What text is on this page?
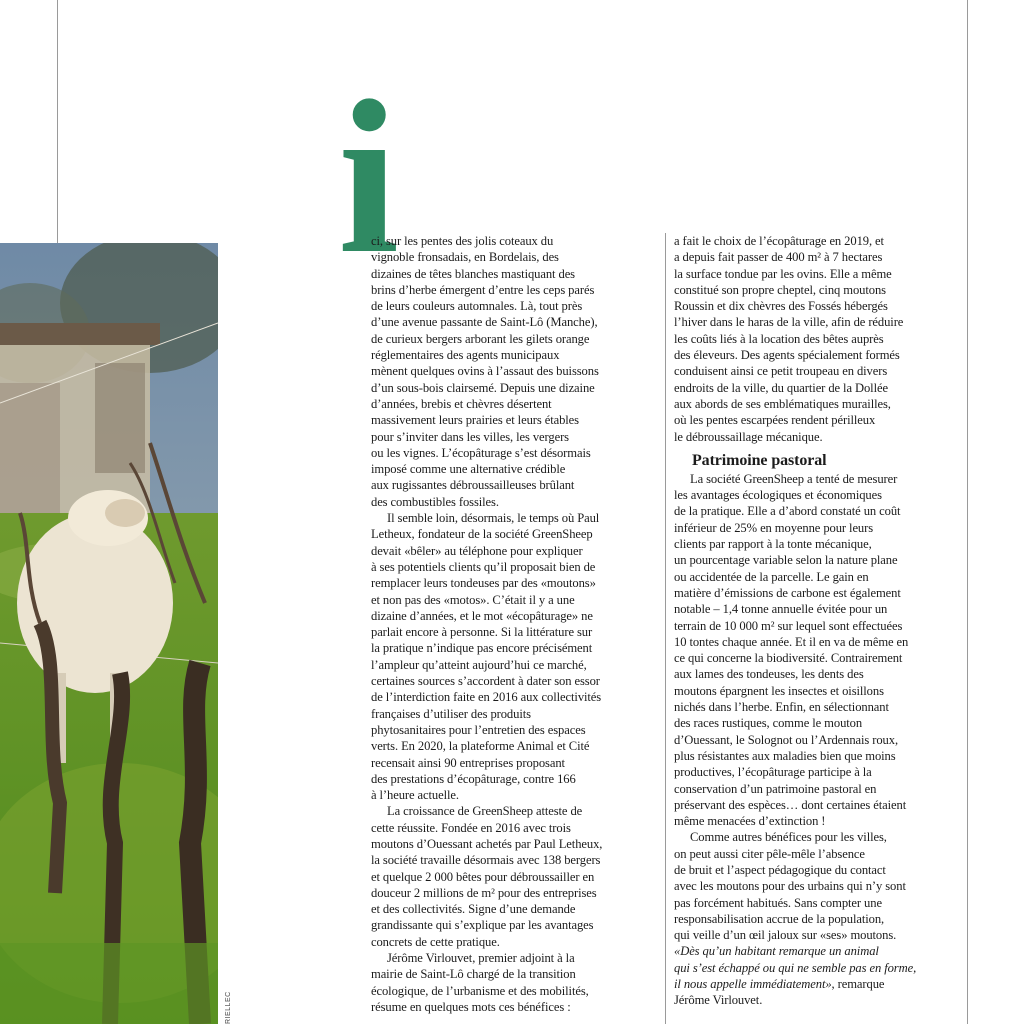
RIELLEC
i

ci, sur les pentes des jolis coteaux du
vignoble fronsadais, en Bordelais, des
dizaines de têtes blanches mastiquant des
brins d’herbe émergent d’entre les ceps parés
de leurs couleurs automnales. Là, tout près
d’une avenue passante de Saint-Lô (Manche),
de curieux bergers arborant les gilets orange
réglementaires des agents municipaux
mènent quelques ovins à l’assaut des buissons
d’un sous-bois clairsemé. Depuis une dizaine
d’années, brebis et chèvres désertent
massivement leurs prairies et leurs étables
pour s’inviter dans les villes, les vergers
ou les vignes. L’écopâturage s’est désormais
imposé comme une alternative crédible
aux rugissantes débroussailleuses brûlant
des combustibles fossiles.

Il semble loin, désormais, le temps où Paul
Letheux, fondateur de la société GreenSheep
devait «bêler» au téléphone pour expliquer
à ses potentiels clients qu’il proposait bien de
remplacer leurs tondeuses par des «moutons»
et non pas des «motos». C’était il y a une
dizaine d’années, et le mot «écopâturage» ne
parlait encore à personne. Si la littérature sur
la pratique n’indique pas encore précisément
l’ampleur qu’atteint aujourd’hui ce marché,
certaines sources s’accordent à dater son essor
de l’interdiction faite en 2016 aux collectivités
françaises d’utiliser des produits
phytosanitaires pour l’entretien des espaces
verts. En 2020, la plateforme Animal et Cité
recensait ainsi 90 entreprises proposant
des prestations d’écopâturage, contre 166
à l’heure actuelle.

La croissance de GreenSheep atteste de
cette réussite. Fondée en 2016 avec trois
moutons d’Ouessant achetés par Paul Letheux,
la société travaille désormais avec 138 bergers
et quelque 2 000 bêtes pour débroussailler en
douceur 2 millions de m² pour des entreprises
et des collectivités. Signe d’une demande
grandissante qui s’explique par les avantages
concrets de cette pratique.

Jérôme Virlouvet, premier adjoint à la
mairie de Saint-Lô chargé de la transition
écologique, de l’urbanisme et des mobilités,
résume en quelques mots ces bénéfices :

a fait le choix de l’écopâturage en 2019, et
a depuis fait passer de 400 m² à 7 hectares
la surface tondue par les ovins. Elle a même
constitué son propre cheptel, cinq moutons
Roussin et dix chèvres des Fossés hébergés
l’hiver dans le haras de la ville, afin de réduire
les coûts liés à la location des bêtes auprès
des éleveurs. Des agents spécialement formés
conduisent ainsi ce petit troupeau en divers
endroits de la ville, du quartier de la Dollée
aux abords de ses emblématiques murailles,
où les pentes escarpées rendent périlleux
le débroussaillage mécanique.

Patrimoine pastoral

La société GreenSheep a tenté de mesurer
les avantages écologiques et économiques
de la pratique. Elle a d’abord constaté un coût
inférieur de 25% en moyenne pour leurs
clients par rapport à la tonte mécanique,
un pourcentage variable selon la nature plane
ou accidentée de la parcelle. Le gain en
matière d’émissions de carbone est également
notable – 1,4 tonne annuelle évitée pour un
terrain de 10 000 m² sur lequel sont effectuées
10 tontes chaque année. Et il en va de même en
ce qui concerne la biodiversité. Contrairement
aux lames des tondeuses, les dents des
moutons épargnent les insectes et oisillons
nichés dans l’herbe. Enfin, en sélectionnant
des races rustiques, comme le mouton
d’Ouessant, le Solognot ou l’Ardennais roux,
plus résistantes aux maladies bien que moins
productives, l’écopâturage participe à la
conservation d’un patrimoine pastoral en
préservant des espèces… dont certaines étaient
même menacées d’extinction !

Comme autres bénéfices pour les villes,
on peut aussi citer pêle-mêle l’absence
de bruit et l’aspect pédagogique du contact
avec les moutons pour des urbains qui n’y sont
pas forcément habitués. Sans compter une
responsabilisation accrue de la population,
qui veille d’un œil jaloux sur «ses» moutons.
«Dès qu’un habitant remarque un animal
qui s’est échappé ou qui ne semble pas en forme,
il nous appelle immédiatement», remarque
Jérôme Virlouvet.
